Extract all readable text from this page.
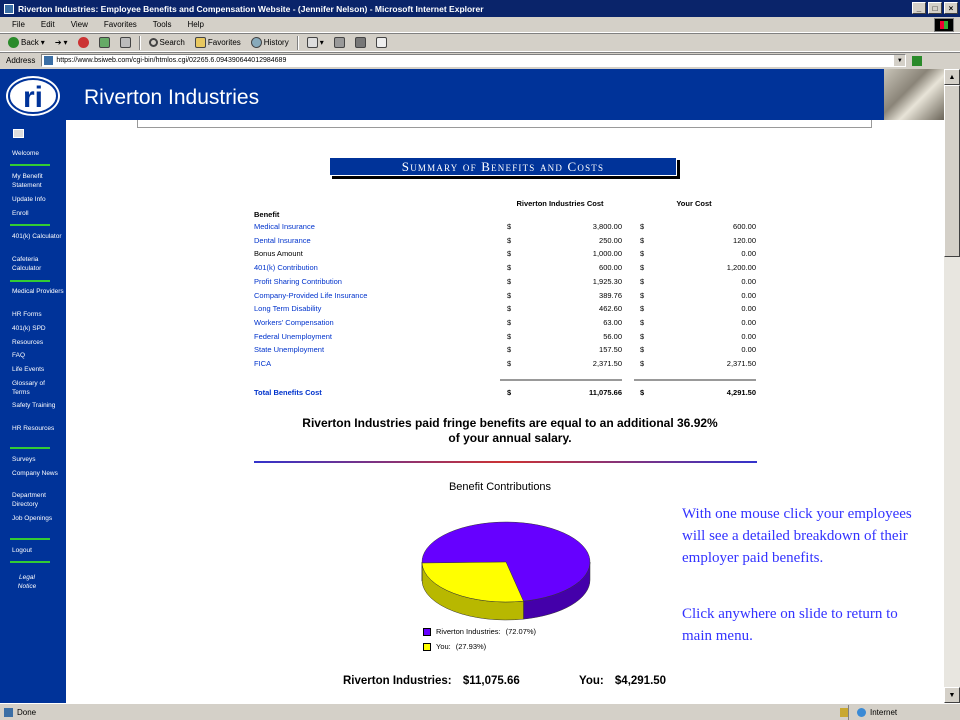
Riverton Industries: Employee Benefits and Compensation Website - (Jennifer Nelson) - Microsoft Internet Explorer	_	□	×
File Edit View Favorites Tools Help
Back ▾ ➔ ▾	Search	Favorites	History	▾
Address	https://www.bsiweb.com/cgi-bin/htmlos.cgi/02265.6.094390644012984689	▼
ri Riverton Industries
Welcome
My Benefit Statement
Update Info
Enroll
401(k) Calculator
Cafeteria Calculator
Medical Providers
HR Forms
401(k) SPD
Resources
FAQ
Life Events
Glossary of Terms
Safety Training
HR Resources
Surveys
Company News
Department Directory
Job Openings
Logout
Legal Notice
Summary of Benefits and Costs
Benefit
Riverton Industries Cost	Your Cost
Medical Insurance	$	3,800.00 $	600.00
Dental Insurance	$	250.00 $	120.00
Bonus Amount	$	1,000.00 $	0.00
401(k) Contribution	$	600.00 $	1,200.00
Profit Sharing Contribution	$	1,925.30 $	0.00
Company-Provided Life Insurance	$	389.76 $	0.00
Long Term Disability	$	462.60 $	0.00
Workers' Compensation	$	63.00 $	0.00
Federal Unemployment	$	56.00 $	0.00
State Unemployment	$	157.50 $	0.00
FICA	$	2,371.50 $	2,371.50
Total Benefits Cost	$	11,075.66 $	4,291.50
Riverton Industries paid fringe benefits are equal to an additional 36.92% of your annual salary.
Benefit Contributions
Riverton Industries: (72.07%)
You: (27.93%)
Riverton Industries: $11,075.66	You: $4,291.50
With one mouse click your employees will see a detailed breakdown of their employer paid benefits.
Click anywhere on slide to return to main menu.
▲
▼
Done	Internet
